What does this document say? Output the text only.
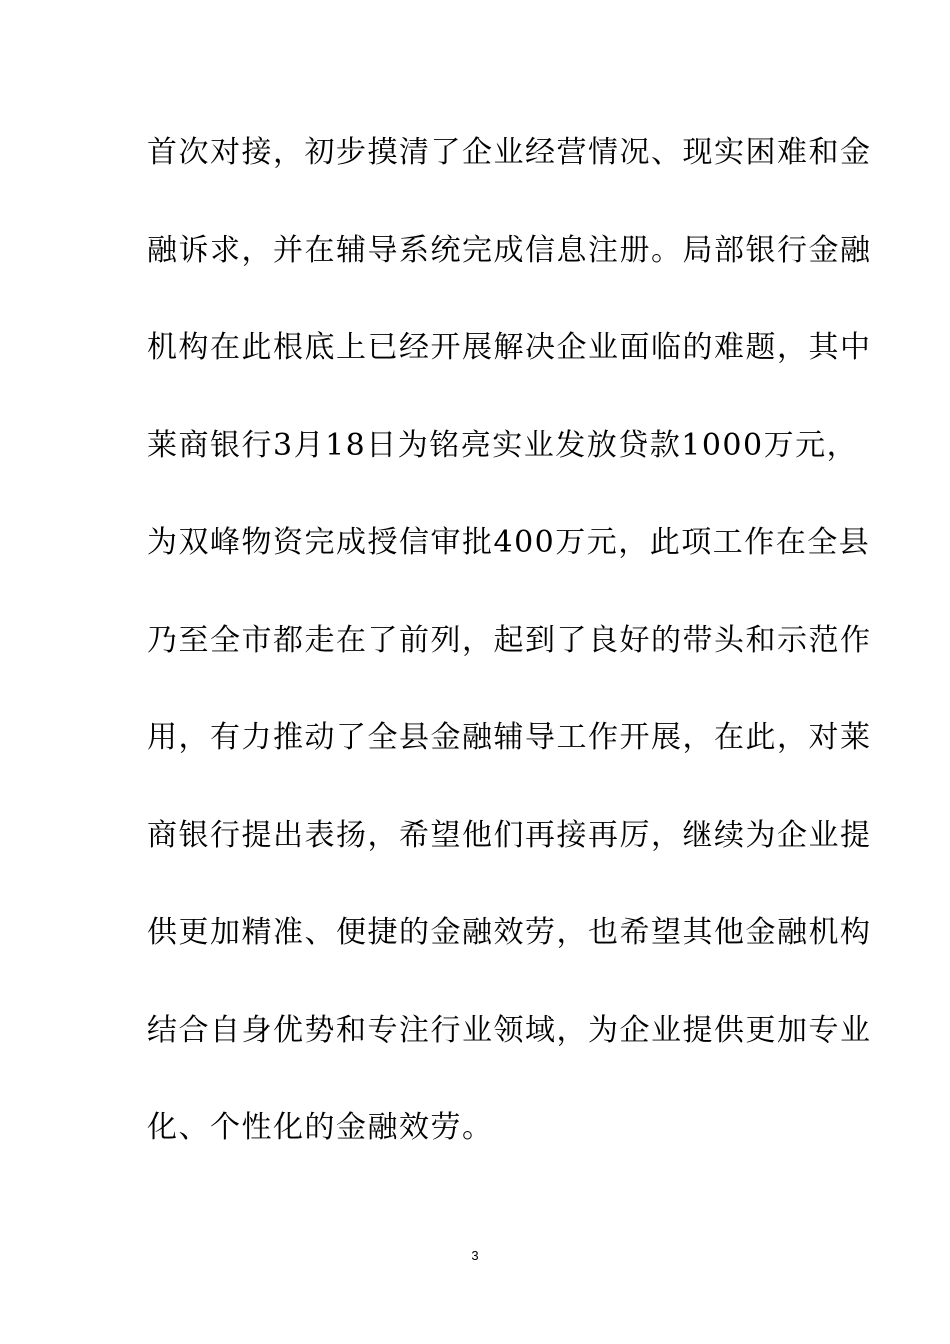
首次对接，初步摸清了企业经营情况、现实困难和金
融诉求，并在辅导系统完成信息注册。局部银行金融
机构在此根底上已经开展解决企业面临的难题，其中
莱商银行3月18日为铭亮实业发放贷款1000万元，
为双峰物资完成授信审批400万元，此项工作在全县
乃至全市都走在了前列，起到了良好的带头和示范作
用，有力推动了全县金融辅导工作开展，在此，对莱
商银行提出表扬，希望他们再接再厉，继续为企业提
供更加精准、便捷的金融效劳，也希望其他金融机构
结合自身优势和专注行业领域，为企业提供更加专业
化、个性化的金融效劳。
3
